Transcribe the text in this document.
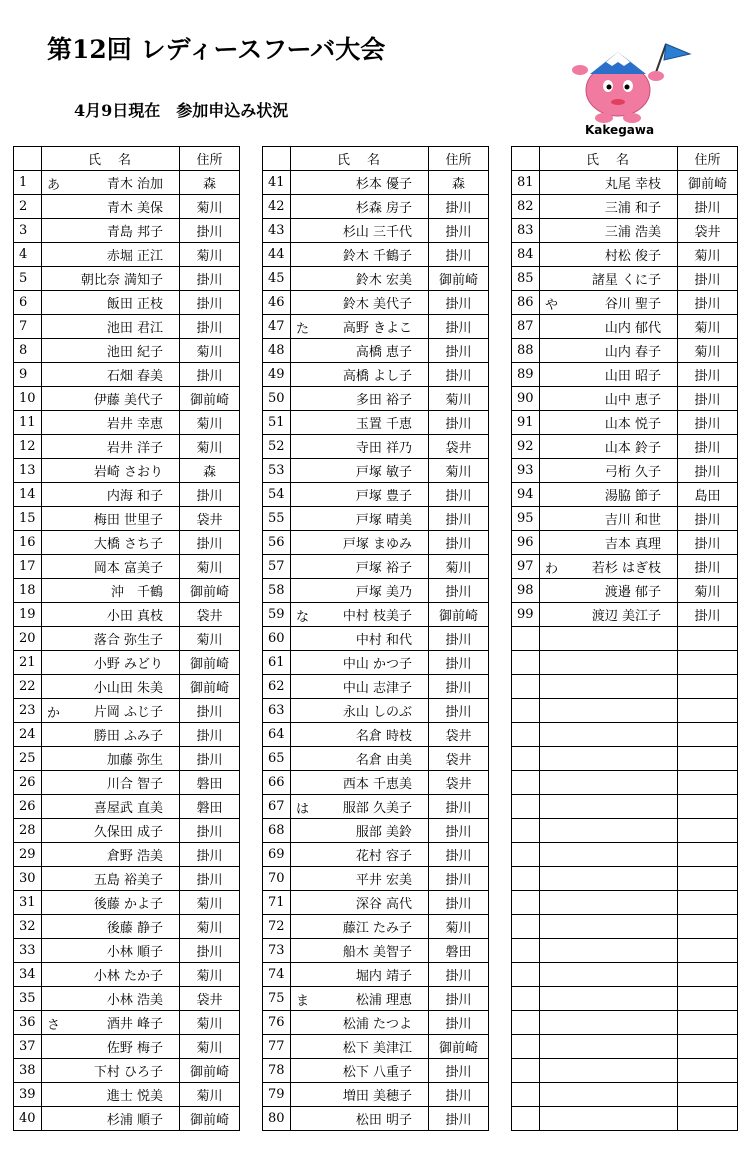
第12回 レディースフーバ大会
4月9日現在　参加申込み状況
Kakegawa
	氏　名	住所
1	あ 青木 治加	森
2	青木 美保	菊川
3	青島 邦子	掛川
4	赤堀 正江	菊川
5	朝比奈 満知子	掛川
6	飯田 正枝	掛川
7	池田 君江	掛川
8	池田 紀子	菊川
9	石畑 春美	掛川
10	伊藤 美代子	御前崎
11	岩井 幸恵	菊川
12	岩井 洋子	菊川
13	岩崎 さおり	森
14	内海 和子	掛川
15	梅田 世里子	袋井
16	大橋 さち子	掛川
17	岡本 富美子	菊川
18	沖　千鶴	御前崎
19	小田 真枝	袋井
20	落合 弥生子	菊川
21	小野 みどり	御前崎
22	小山田 朱美	御前崎
23	か 片岡 ふじ子	掛川
24	勝田 ふみ子	掛川
25	加藤 弥生	掛川
26	川合 智子	磐田
26	喜屋武 直美	磐田
28	久保田 成子	掛川
29	倉野 浩美	掛川
30	五島 裕美子	掛川
31	後藤 かよ子	菊川
32	後藤 静子	菊川
33	小林 順子	掛川
34	小林 たか子	菊川
35	小林 浩美	袋井
36	さ 酒井 峰子	菊川
37	佐野 梅子	菊川
38	下村 ひろ子	御前崎
39	進士 悦美	菊川
40	杉浦 順子	御前崎
	氏　名	住所
41	杉本 優子	森
42	杉森 房子	掛川
43	杉山 三千代	掛川
44	鈴木 千鶴子	掛川
45	鈴木 宏美	御前崎
46	鈴木 美代子	掛川
47	た 高野 きよこ	掛川
48	高橋 恵子	掛川
49	高橋 よし子	掛川
50	多田 裕子	菊川
51	玉置 千恵	掛川
52	寺田 祥乃	袋井
53	戸塚 敏子	菊川
54	戸塚 豊子	掛川
55	戸塚 晴美	掛川
56	戸塚 まゆみ	掛川
57	戸塚 裕子	菊川
58	戸塚 美乃	掛川
59	な 中村 枝美子	御前崎
60	中村 和代	掛川
61	中山 かつ子	掛川
62	中山 志津子	掛川
63	永山 しのぶ	掛川
64	名倉 時枝	袋井
65	名倉 由美	袋井
66	西本 千恵美	袋井
67	は 服部 久美子	掛川
68	服部 美鈴	掛川
69	花村 容子	掛川
70	平井 宏美	掛川
71	深谷 高代	掛川
72	藤江 たみ子	菊川
73	船木 美智子	磐田
74	堀内 靖子	掛川
75	ま 松浦 理恵	掛川
76	松浦 たつよ	掛川
77	松下 美津江	御前崎
78	松下 八重子	掛川
79	増田 美穂子	掛川
80	松田 明子	掛川
	氏　名	住所
81	丸尾 幸枝	御前崎
82	三浦 和子	掛川
83	三浦 浩美	袋井
84	村松 俊子	菊川
85	諸星 くに子	掛川
86	や 谷川 聖子	掛川
87	山内 郁代	菊川
88	山内 春子	菊川
89	山田 昭子	掛川
90	山中 恵子	掛川
91	山本 悦子	掛川
92	山本 鈴子	掛川
93	弓桁 久子	掛川
94	湯脇 節子	島田
95	吉川 和世	掛川
96	吉本 真理	掛川
97	わ 若杉 はぎ枝	掛川
98	渡邉 郁子	菊川
99	渡辺 美江子	掛川
